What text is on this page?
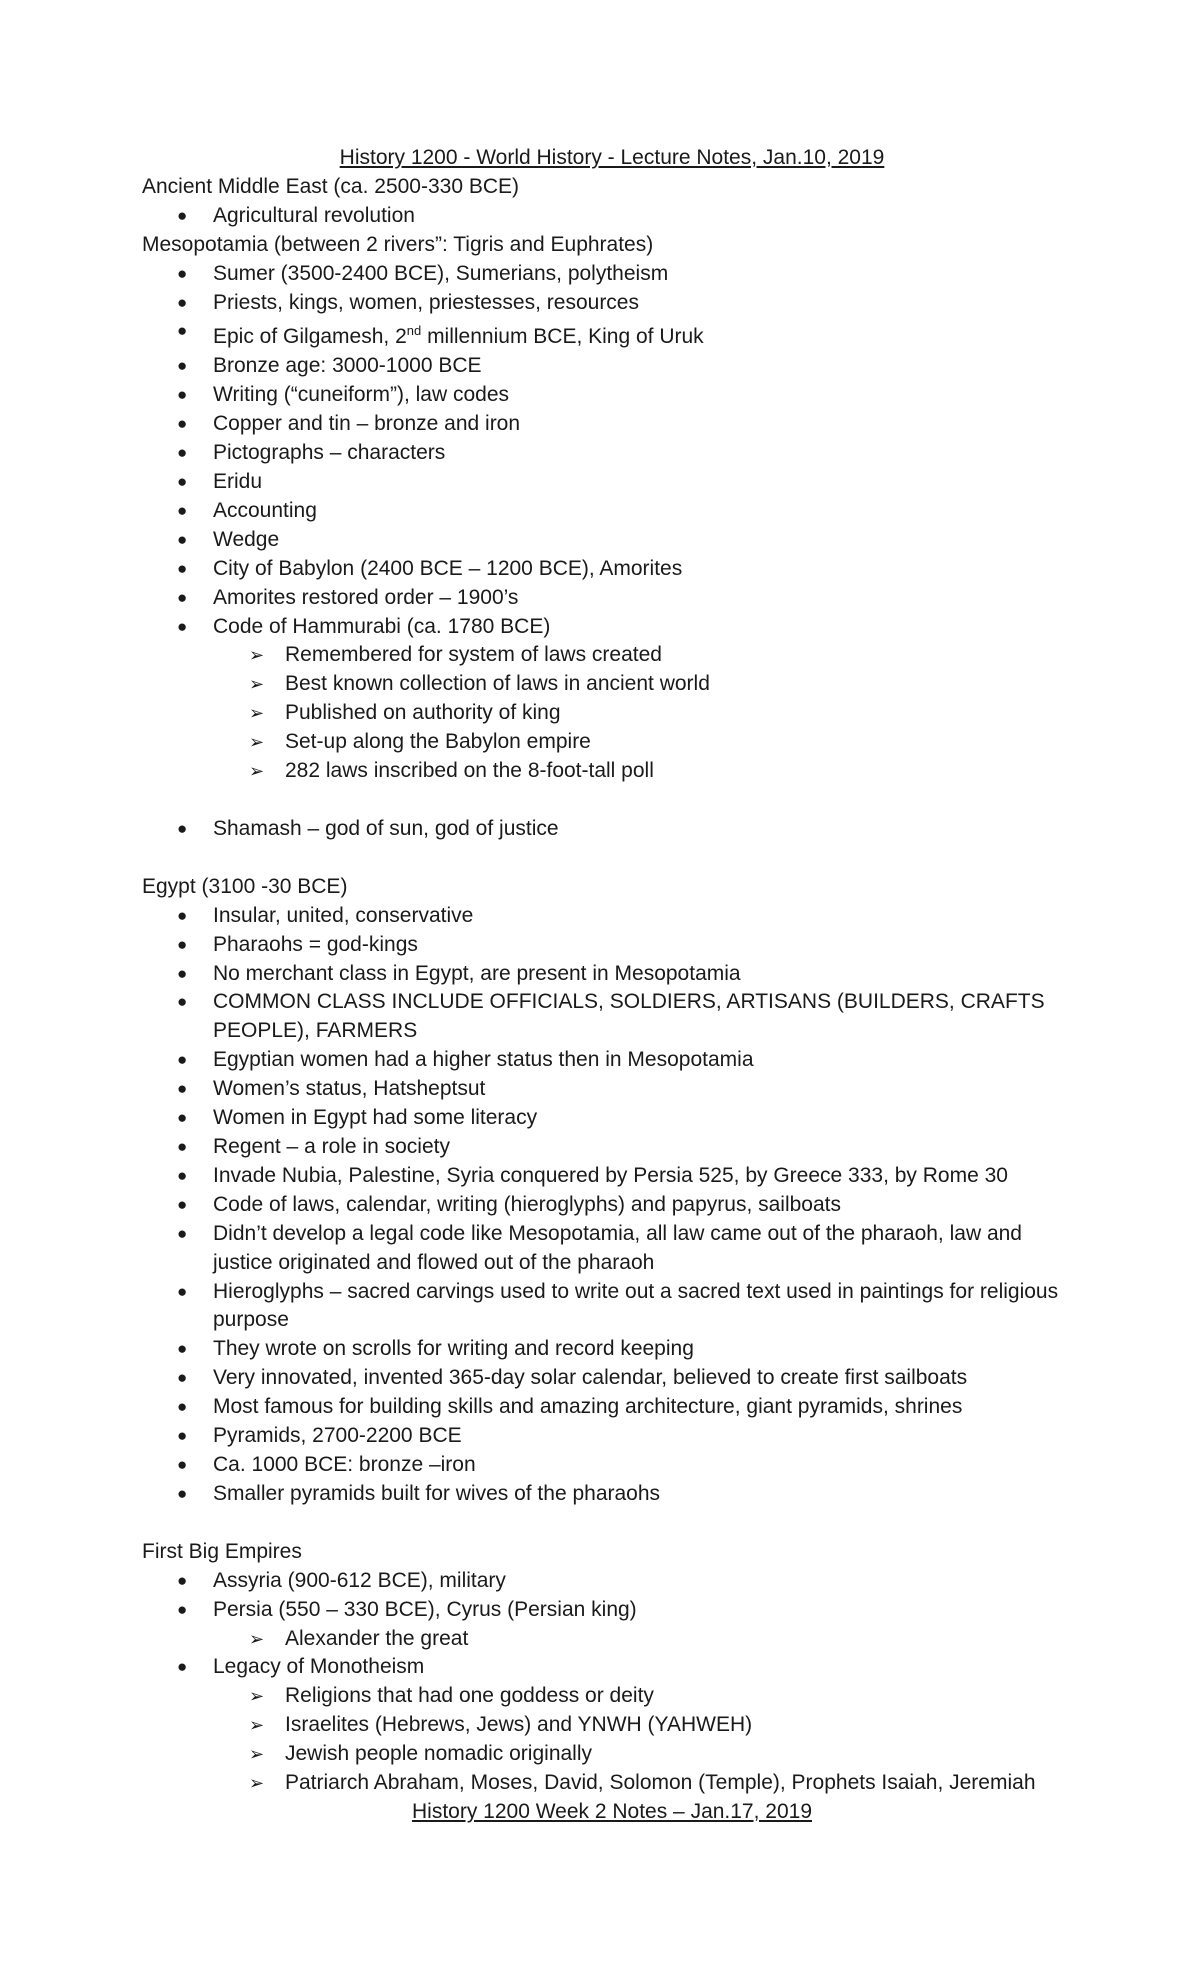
History 1200 - World History - Lecture Notes, Jan.10, 2019
Ancient Middle East (ca. 2500-330 BCE)
● Agricultural revolution
Mesopotamia (between 2 rivers”: Tigris and Euphrates)
● Sumer (3500-2400 BCE), Sumerians, polytheism
● Priests, kings, women, priestesses, resources
● Epic of Gilgamesh, 2nd millennium BCE, King of Uruk
● Bronze age: 3000-1000 BCE
● Writing (“cuneiform”), law codes
● Copper and tin – bronze and iron
● Pictographs – characters
● Eridu
● Accounting
● Wedge
● City of Babylon (2400 BCE – 1200 BCE), Amorites
● Amorites restored order – 1900’s
● Code of Hammurabi (ca. 1780 BCE)
➢ Remembered for system of laws created
➢ Best known collection of laws in ancient world
➢ Published on authority of king
➢ Set-up along the Babylon empire
➢ 282 laws inscribed on the 8-foot-tall poll
● Shamash – god of sun, god of justice
Egypt (3100 -30 BCE)
● Insular, united, conservative
● Pharaohs = god-kings
● No merchant class in Egypt, are present in Mesopotamia
● COMMON CLASS INCLUDE OFFICIALS, SOLDIERS, ARTISANS (BUILDERS, CRAFTS PEOPLE), FARMERS
● Egyptian women had a higher status then in Mesopotamia
● Women’s status, Hatsheptsut
● Women in Egypt had some literacy
● Regent – a role in society
● Invade Nubia, Palestine, Syria conquered by Persia 525, by Greece 333, by Rome 30
● Code of laws, calendar, writing (hieroglyphs) and papyrus, sailboats
● Didn’t develop a legal code like Mesopotamia, all law came out of the pharaoh, law and justice originated and flowed out of the pharaoh
● Hieroglyphs – sacred carvings used to write out a sacred text used in paintings for religious purpose
● They wrote on scrolls for writing and record keeping
● Very innovated, invented 365-day solar calendar, believed to create first sailboats
● Most famous for building skills and amazing architecture, giant pyramids, shrines
● Pyramids, 2700-2200 BCE
● Ca. 1000 BCE: bronze –iron
● Smaller pyramids built for wives of the pharaohs
First Big Empires
● Assyria (900-612 BCE), military
● Persia (550 – 330 BCE), Cyrus (Persian king)
➢ Alexander the great
● Legacy of Monotheism
➢ Religions that had one goddess or deity
➢ Israelites (Hebrews, Jews) and YNWH (YAHWEH)
➢ Jewish people nomadic originally
➢ Patriarch Abraham, Moses, David, Solomon (Temple), Prophets Isaiah, Jeremiah
History 1200 Week 2 Notes – Jan.17, 2019
